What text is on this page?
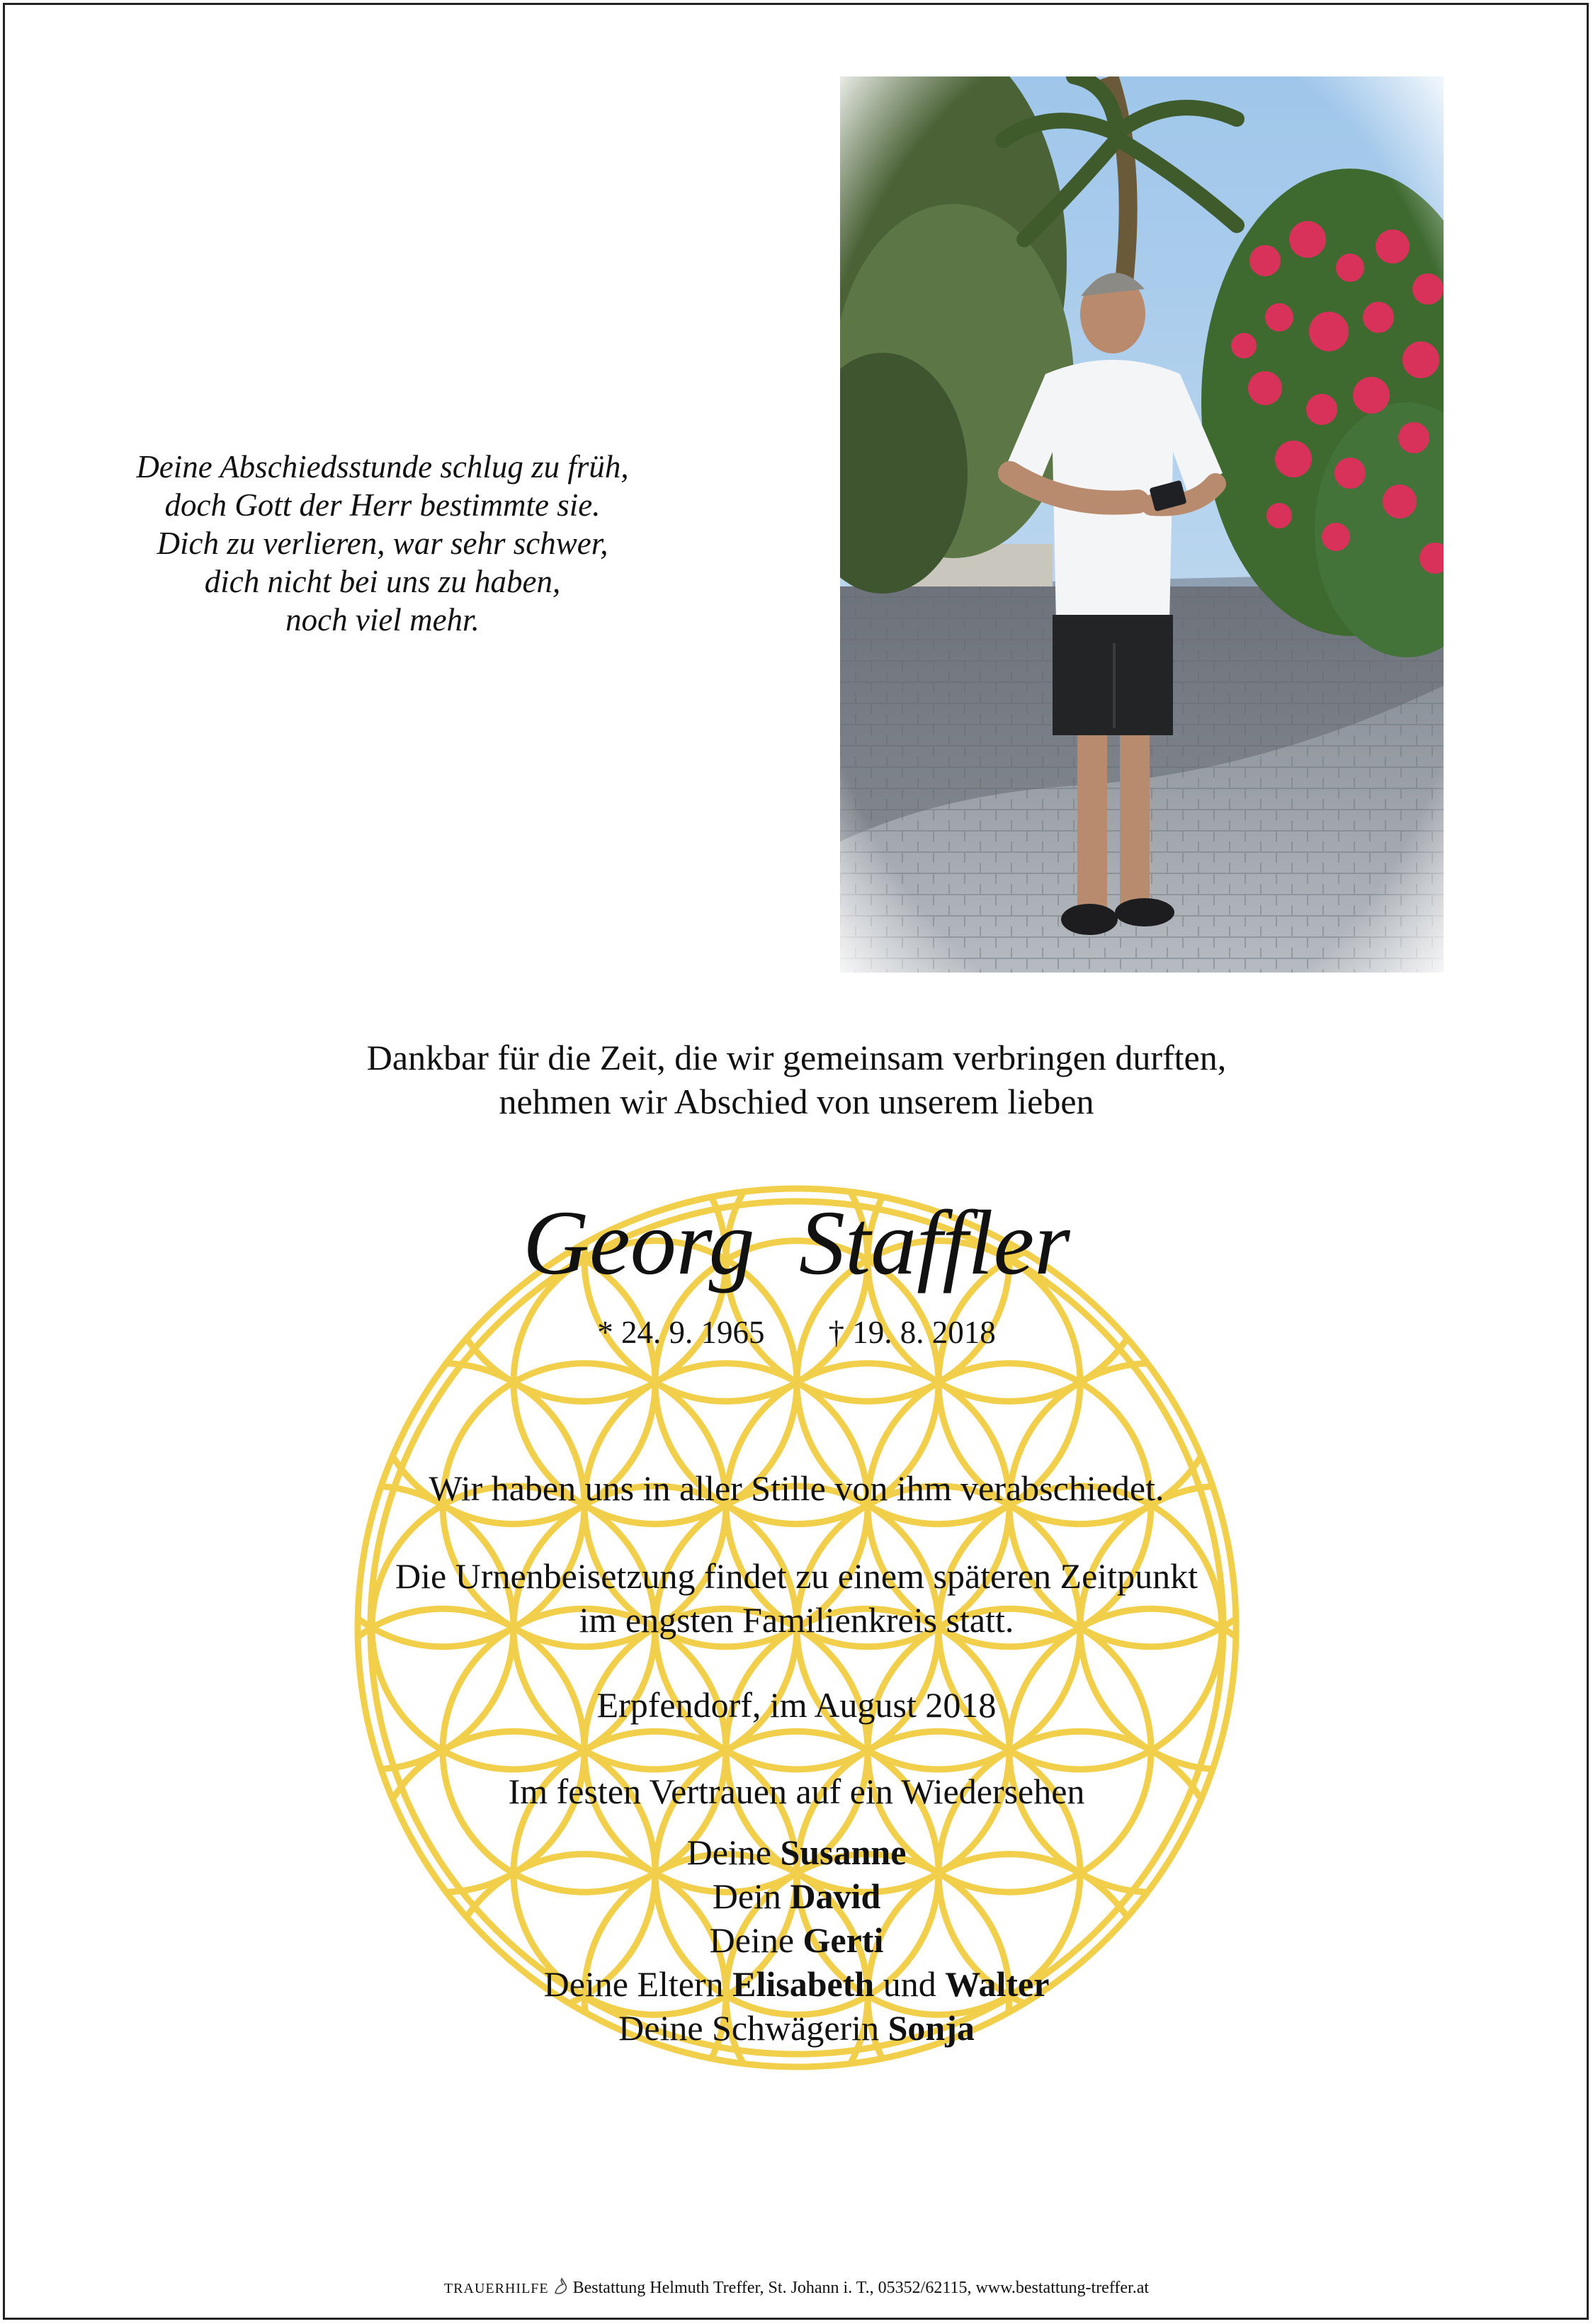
Deine Abschiedsstunde schlug zu früh,
doch Gott der Herr bestimmte sie.
Dich zu verlieren, war sehr schwer,
dich nicht bei uns zu haben,
noch viel mehr.
Dankbar für die Zeit, die wir gemeinsam verbringen durften,
nehmen wir Abschied von unserem lieben
Georg Staffler
* 24. 9. 1965 † 19. 8. 2018

Wir haben uns in aller Stille von ihm verabschiedet.

Die Urnenbeisetzung findet zu einem späteren Zeitpunkt

im engsten Familienkreis statt.

Erpfendorf, im August 2018

Im festen Vertrauen auf ein Wiedersehen

Deine Susanne
Dein David
Deine Gerti
Deine Eltern Elisabeth und Walter
Deine Schwägerin Sonja
TRAUERHILFE Bestattung Helmuth Treffer, St. Johann i. T., 05352/62115, www.bestattung-treffer.at
